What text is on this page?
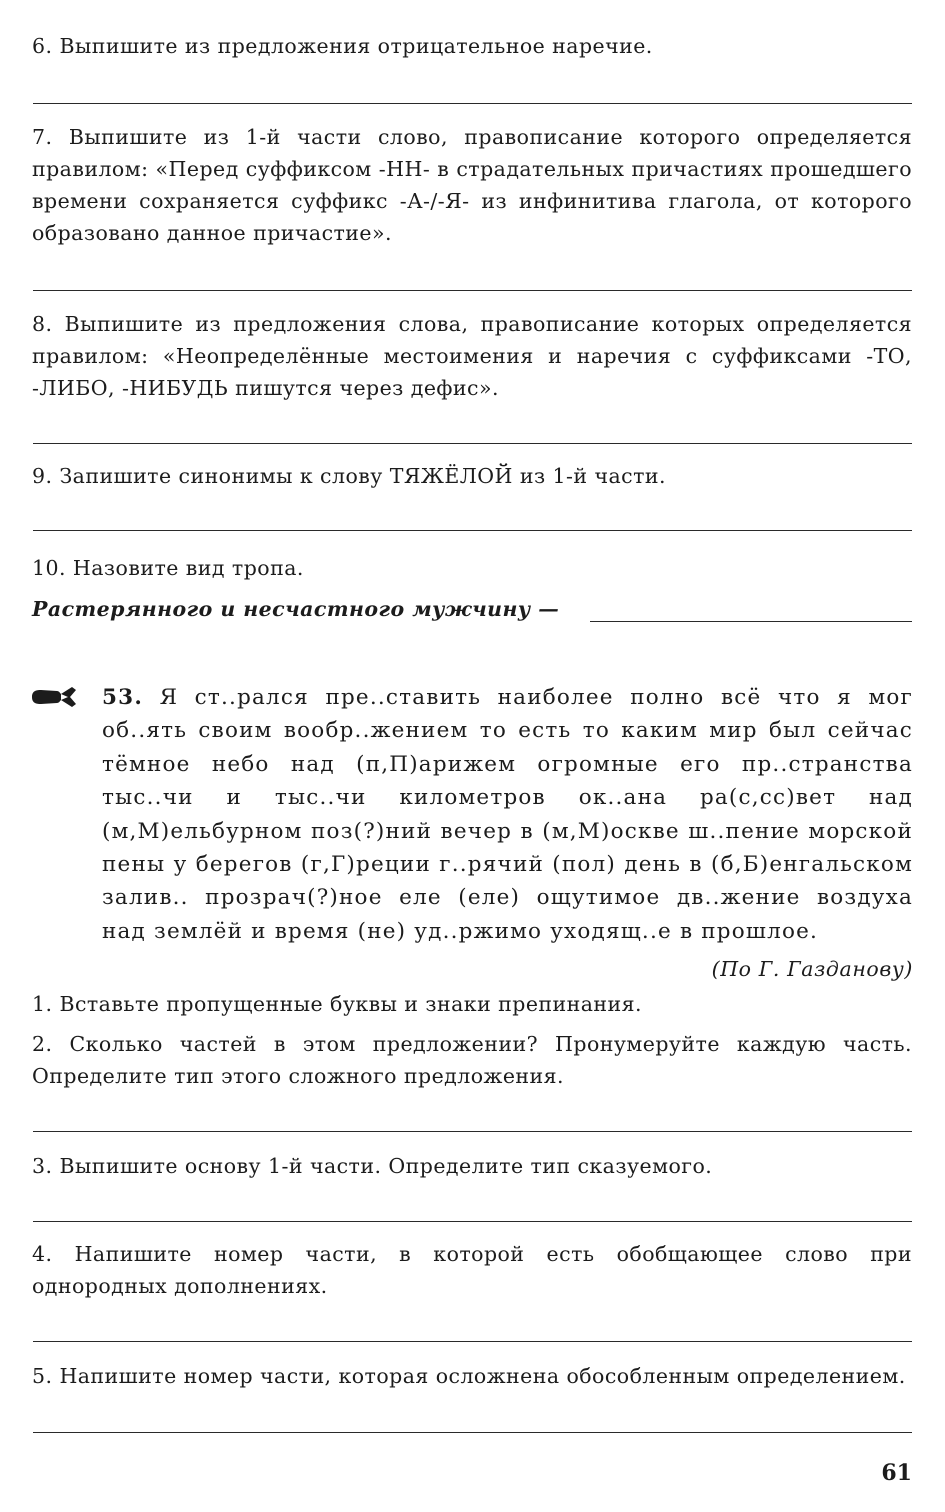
6. Выпишите из предложения отрицательное наречие.

7. Выпишите из 1-й части слово, правописание которого определяется правилом: «Перед суффиксом -НН- в страдательных причастиях прошедшего времени сохраняется суффикс -А-/-Я- из инфинитива глагола, от которого образовано данное причастие».

8. Выпишите из предложения слова, правописание которых определяется правилом: «Неопределённые местоимения и наречия с суффиксами -ТО, -ЛИБО, -НИБУДЬ пишутся через дефис».

9. Запишите синонимы к слову ТЯЖЁЛОЙ из 1-й части.

10. Назовите вид тропа.

Растерянного и несчастного мужчину —

53. Я ст..рался пре..ставить наиболее полно всё что я мог об..ять своим вообр..жением то есть то каким мир был сейчас тёмное небо над (п,П)арижем огромные его пр..странства тыс..чи и тыс..чи километров ок..ана ра(с,сс)вет над (м,М)ельбурном поз(?)ний вечер в (м,М)оскве ш..пение морской пены у берегов (г,Г)реции г..рячий (пол) день в (б,Б)енгальском залив.. прозрач(?)ное еле (еле) ощутимое дв..жение воздуха над землёй и время (не) уд..ржимо уходящ..е в прошлое.

(По Г. Газданову)

1. Вставьте пропущенные буквы и знаки препинания.

2. Сколько частей в этом предложении? Пронумеруйте каждую часть. Определите тип этого сложного предложения.

3. Выпишите основу 1-й части. Определите тип сказуемого.

4. Напишите номер части, в которой есть обобщающее слово при однородных дополнениях.

5. Напишите номер части, которая осложнена обособленным определением.

61
